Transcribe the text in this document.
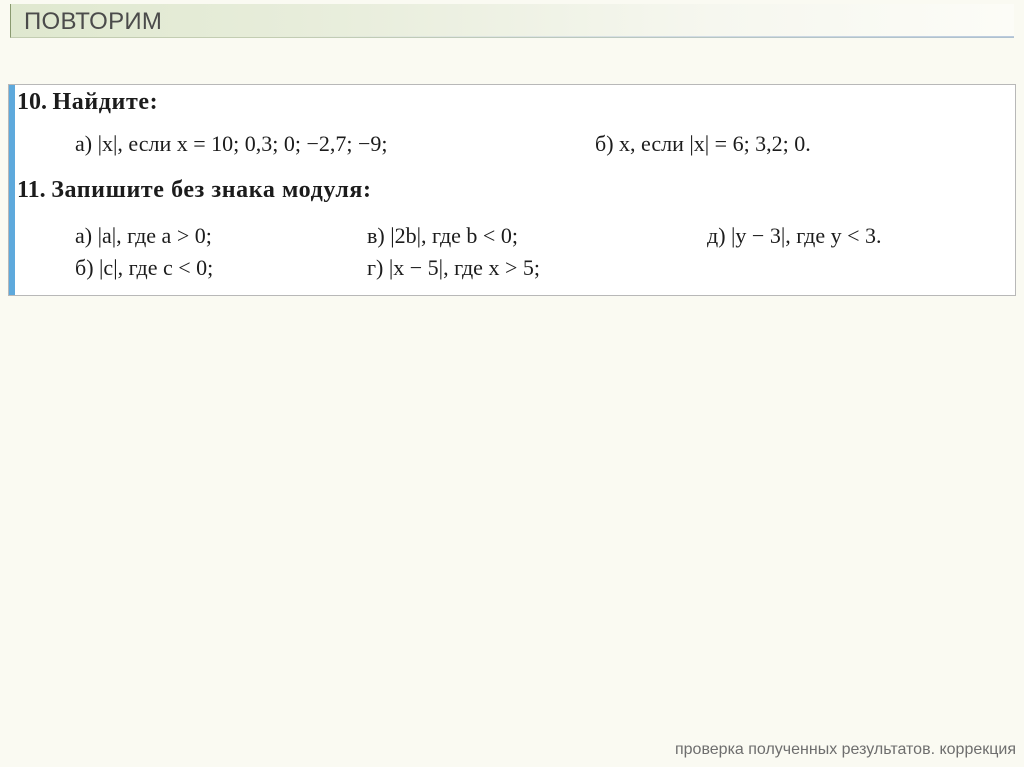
ПОВТОРИМ
10. Найдите:
а) |x|, если x = 10; 0,3; 0; −2,7; −9;	б) x, если |x| = 6; 3,2; 0.
11. Запишите без знака модуля:
а) |a|, где a > 0;	в) |2b|, где b < 0;	д) |y − 3|, где y < 3.
б) |c|, где c < 0;	г) |x − 5|, где x > 5;
проверка полученных результатов. коррекция
